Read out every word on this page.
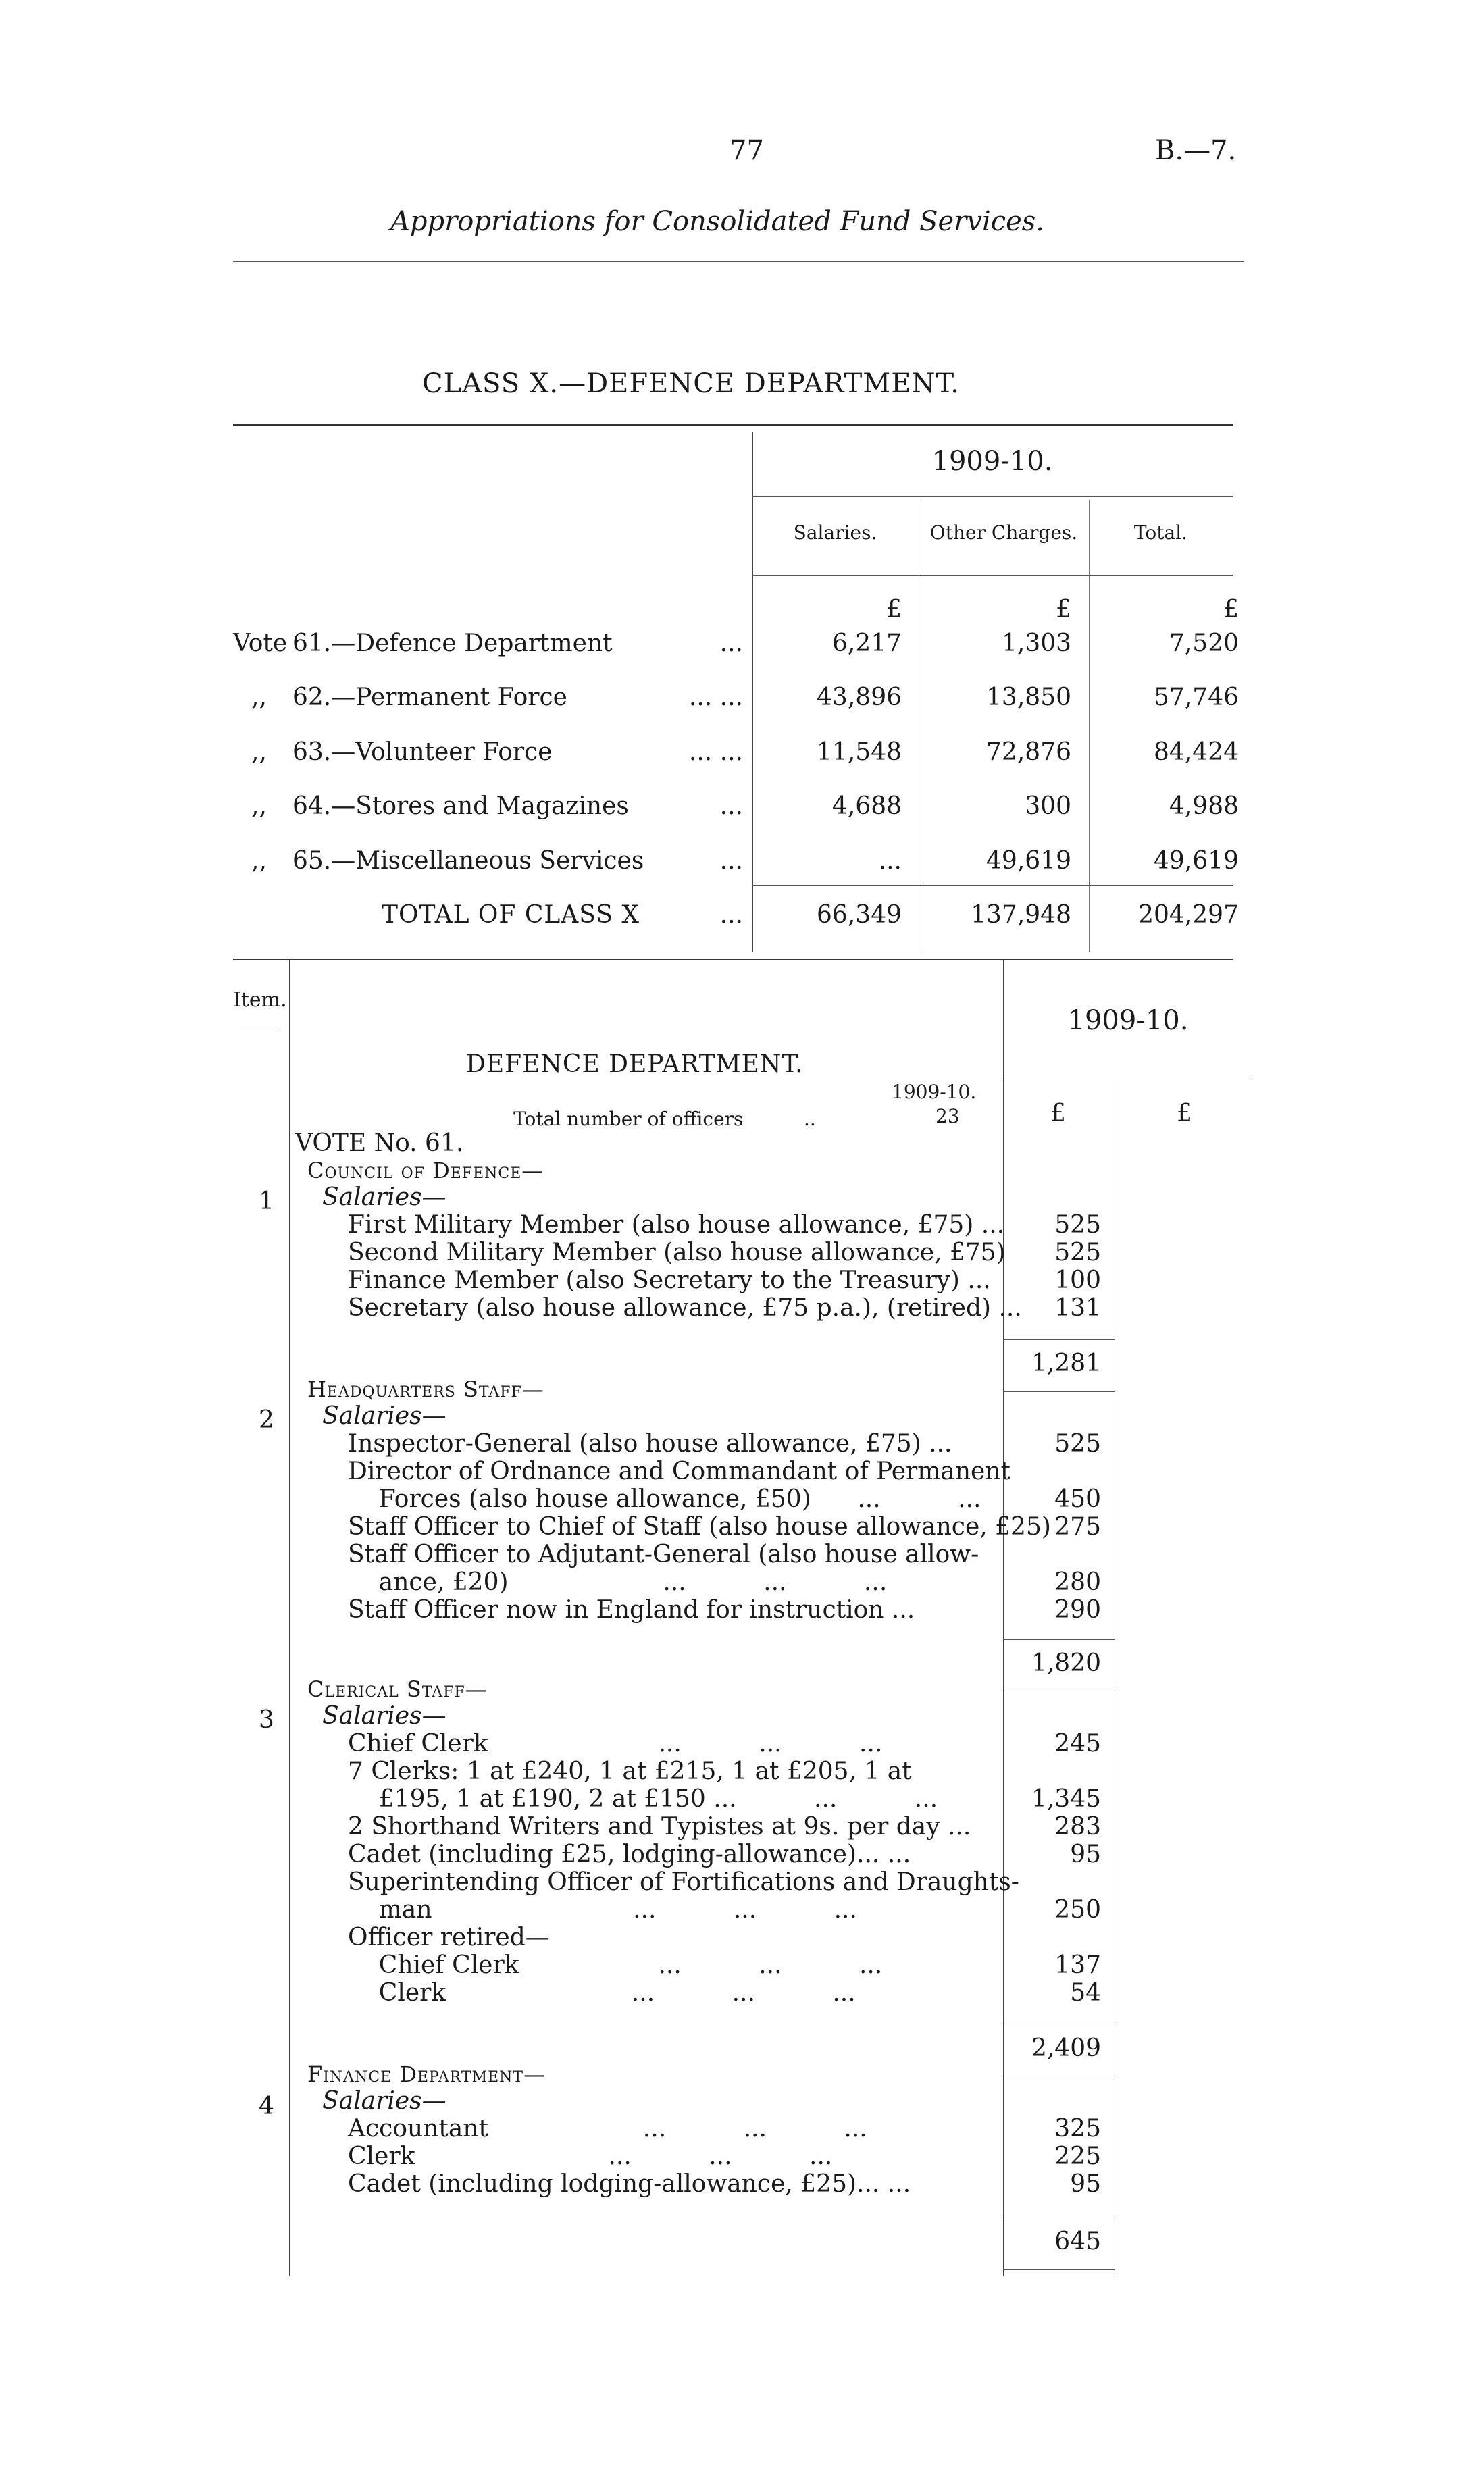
77	B.—7.
Appropriations for Consolidated Fund Services.
CLASS X.—DEFENCE DEPARTMENT.
1909-10.
Salaries.	Other Charges.	Total.
£	£	£
Vote 61.—Defence Department	...	6,217	1,303	7,520
,, 62.—Permanent Force	... ...	43,896	13,850	57,746
,, 63.—Volunteer Force	... ...	11,548	72,876	84,424
,, 64.—Stores and Magazines	...	4,688	300	4,988
,, 65.—Miscellaneous Services	...	...	49,619	49,619
TOTAL OF CLASS X	...	66,349	137,948	204,297
Item.
1909-10.
£	£
DEFENCE DEPARTMENT.
1909-10.
Total number of officers	..	23
VOTE No. 61.
Council of Defence—
1 Salaries—
First Military Member (also house allowance, £75) ...	525
Second Military Member (also house allowance, £75)	525
Finance Member (also Secretary to the Treasury) ...	100
Secretary (also house allowance, £75 p.a.), (retired) ...	131
1,281
Headquarters Staff—
2 Salaries—
Inspector-General (also house allowance, £75) ...	525
Director of Ordnance and Commandant of Permanent
Forces (also house allowance, £50)      ...          ...	450
Staff Officer to Chief of Staff (also house allowance, £25) 275
Staff Officer to Adjutant-General (also house allow-
ance, £20)                    ...          ...          ...	280
Staff Officer now in England for instruction ...	290
1,820
Clerical Staff—
3 Salaries—
Chief Clerk                      ...          ...          ...	245
7 Clerks: 1 at £240, 1 at £215, 1 at £205, 1 at
£195, 1 at £190, 2 at £150 ...          ...          ...	1,345
2 Shorthand Writers and Typistes at 9s. per day ...	283
Cadet (including £25, lodging-allowance)... ...	95
Superintending Officer of Fortifications and Draughts-
man                          ...          ...          ...	250
Officer retired—
Chief Clerk                  ...          ...          ...	137
Clerk                        ...          ...          ...	54
2,409
Finance Department—
4 Salaries—
Accountant                    ...          ...          ...	325
Clerk                         ...          ...          ...	225
Cadet (including lodging-allowance, £25)... ...	95
645
